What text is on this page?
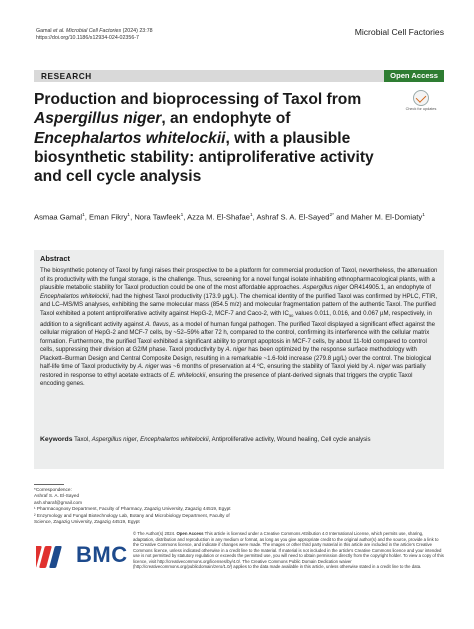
Gamal et al. Microbial Cell Factories (2024) 23:78
https://doi.org/10.1186/s12934-024-02356-7
Microbial Cell Factories
RESEARCH	Open Access
Production and bioprocessing of Taxol from Aspergillus niger, an endophyte of Encephalartos whitelockii, with a plausible biosynthetic stability: antiproliferative activity and cell cycle analysis
Check for updates
Asmaa Gamal$^1$, Eman Fikry$^1$, Nora Tawfeek$^1$, Azza M. El-Shafae$^1$, Ashraf S. A. El-Sayed$^{2*}$ and Maher M. El-Domiaty$^1$
Abstract

The biosynthetic potency of Taxol by fungi raises their prospective to be a platform for commercial production of Taxol, nevertheless, the attenuation of its productivity with the fungal storage, is the challenge. Thus, screening for a novel fungal isolate inhabiting ethnopharmacological plants, with a plausible metabolic stability for Taxol production could be one of the most affordable approaches. Aspergillus niger OR414905.1, an endophyte of Encephalartos whitelockii, had the highest Taxol productivity (173.9 µg/L). The chemical identity of the purified Taxol was confirmed by HPLC, FTIR, and LC–MS/MS analyses, exhibiting the same molecular mass (854.5 m/z) and molecular fragmentation pattern of the authentic Taxol. The purified Taxol exhibited a potent antiproliferative activity against HepG-2, MCF-7 and Caco-2, with $IC_{50}$ values 0.011, 0.016, and 0.067 µM, respectively, in addition to a significant activity against A. flavus, as a model of human fungal pathogen. The purified Taxol displayed a significant effect against the cellular migration of HepG-2 and MCF-7 cells, by ~52–59% after 72 h, compared to the control, confirming its interference with the cellular matrix formation. Furthermore, the purified Taxol exhibited a significant ability to prompt apoptosis in MCF-7 cells, by about 11-fold compared to control cells, suppressing their division at G2/M phase. Taxol productivity by A. niger has been optimized by the response surface methodology with Plackett–Burman Design and Central Composite Design, resulting in a remarkable ~1.6-fold increase (279.8 µg/L) over the control. The biological half-life time of Taxol productivity by A. niger was ~6 months of preservation at 4 ºC, ensuring the stability of Taxol yield by A. niger was partially restored in response to ethyl acetate extracts of E. whitelockii, ensuring the presence of plant-derived signals that triggers the cryptic Taxol encoding genes.

Keywords Taxol, Aspergillus niger, Encephalartos whitelockii, Antiproliferative activity, Wound healing, Cell cycle analysis

*Correspondence:
Ashraf S. A. El-Sayed
ash.sharaf@gmail.com
¹ Pharmacognosy Department, Faculty of Pharmacy, Zagazig University, Zagazig 44519, Egypt
² Enzymology and Fungal Biotechnology Lab, Botany and Microbiology Department, Faculty of Science, Zagazig University, Zagazig 44519, Egypt
BMC
© The Author(s) 2024. Open Access This article is licensed under a Creative Commons Attribution 4.0 International License, which permits use, sharing, adaptation, distribution and reproduction in any medium or format, as long as you give appropriate credit to the original author(s) and the source, provide a link to the Creative Commons licence, and indicate if changes were made. The images or other third party material in this article are included in the article's Creative Commons licence, unless indicated otherwise in a credit line to the material. If material is not included in the article's Creative Commons licence and your intended use is not permitted by statutory regulation or exceeds the permitted use, you will need to obtain permission directly from the copyright holder. To view a copy of this licence, visit http://creativecommons.org/licenses/by/4.0/. The Creative Commons Public Domain Dedication waiver (http://creativecommons.org/publicdomain/zero/1.0/) applies to the data made available in this article, unless otherwise stated in a credit line to the data.
